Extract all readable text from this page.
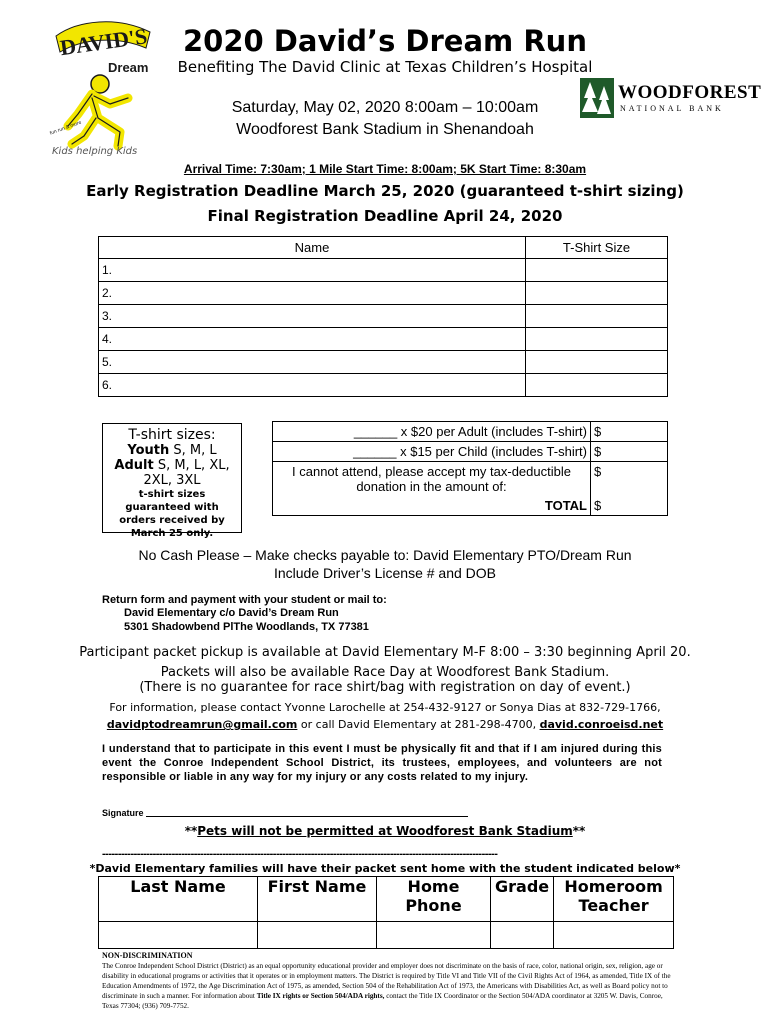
DAVID'S
Dream
fun run & more
Kids helping Kids
WOODFOREST
NATIONAL BANK
2020 David’s Dream Run
Benefiting The David Clinic at Texas Children’s Hospital
Saturday, May 02, 2020 8:00am – 10:00am
Woodforest Bank Stadium in Shenandoah
Arrival Time: 7:30am; 1 Mile Start Time: 8:00am; 5K Start Time: 8:30am
Early Registration Deadline March 25, 2020 (guaranteed t-shirt sizing)
Final Registration Deadline April 24, 2020
Name	T-Shirt Size
1.	
2.	
3.	
4.	
5.	
6.	
T-shirt sizes:
Youth S, M, L
Adult S, M, L, XL,
2XL, 3XL
t-shirt sizes guaranteed with orders received by March 25 only.
______ x $20 per Adult (includes T-shirt)	$
______ x $15 per Child (includes T-shirt)	$
I cannot attend, please accept my tax-deductible
donation in the amount of:	$
TOTAL	$
No Cash Please – Make checks payable to: David Elementary PTO/Dream Run
Include Driver’s License # and DOB
Return form and payment with your student or mail to:
David Elementary c/o David’s Dream Run
5301 Shadowbend PlThe Woodlands, TX 77381
Participant packet pickup is available at David Elementary M-F 8:00 – 3:30 beginning April 20.
Packets will also be available Race Day at Woodforest Bank Stadium.
(There is no guarantee for race shirt/bag with registration on day of event.)
For information, please contact Yvonne Larochelle at 254-432-9127 or Sonya Dias at 832-729-1766,
davidptodreamrun@gmail.com or call David Elementary at 281-298-4700, david.conroeisd.net
I understand that to participate in this event I must be physically fit and that if I am injured during this event the Conroe Independent School District, its trustees, employees, and volunteers are not responsible or liable in any way for my injury or any costs related to my injury.
Signature
**Pets will not be permitted at Woodforest Bank Stadium**
-----------------------------------------------------------------------------------------------------------------------------
*David Elementary families will have their packet sent home with the student indicated below*
Last Name	First Name	Home Phone	Grade	Homeroom Teacher

NON-DISCRIMINATION
The Conroe Independent School District (District) as an equal opportunity educational provider and employer does not discriminate on the basis of race, color, national origin, sex, religion, age or disability in educational programs or activities that it operates or in employment matters. The District is required by Title VI and Title VII of the Civil Rights Act of 1964, as amended, Title IX of the Education Amendments of 1972, the Age Discrimination Act of 1975, as amended, Section 504 of the Rehabilitation Act of 1973, the Americans with Disabilities Act, as well as Board policy not to discriminate in such a manner. For information about Title IX rights or Section 504/ADA rights, contact the Title IX Coordinator or the Section 504/ADA coordinator at 3205 W. Davis, Conroe, Texas 77304; (936) 709-7752.
